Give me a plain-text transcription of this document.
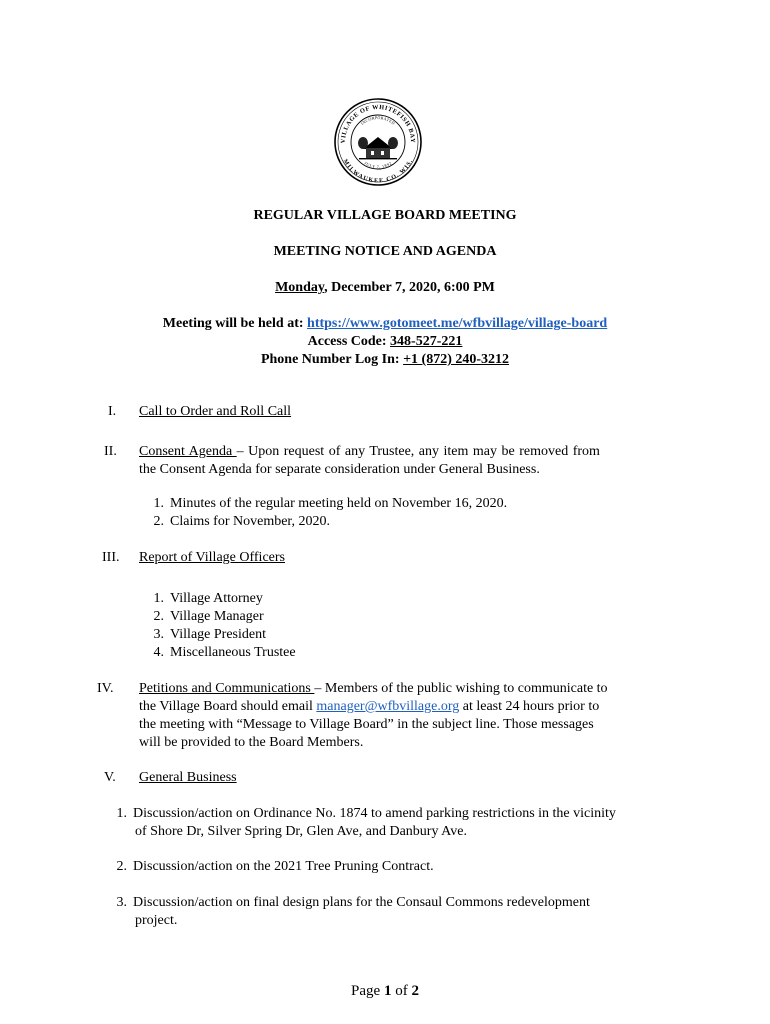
VILLAGE OF WHITEFISH BAY
MILWAUKEE CO. WIS.
INCORPORATED
JULY 7, 1892
REGULAR VILLAGE BOARD MEETING
MEETING NOTICE AND AGENDA
Monday, December 7, 2020, 6:00 PM
Meeting will be held at: https://www.gotomeet.me/wfbvillage/village-board
Access Code: 348-527-221
Phone Number Log In: +1 (872) 240-3212
I.	Call to Order and Roll Call
II.	Consent Agenda – Upon request of any Trustee, any item may be removed from
the Consent Agenda for separate consideration under General Business.
1. Minutes of the regular meeting held on November 16, 2020.
2. Claims for November, 2020.
III.	Report of Village Officers
1. Village Attorney
2. Village Manager
3. Village President
4. Miscellaneous Trustee
IV.	Petitions and Communications – Members of the public wishing to communicate to
the Village Board should email manager@wfbvillage.org at least 24 hours prior to
the meeting with “Message to Village Board” in the subject line. Those messages
will be provided to the Board Members.
V.	General Business
1. Discussion/action on Ordinance No. 1874 to amend parking restrictions in the vicinity
of Shore Dr, Silver Spring Dr, Glen Ave, and Danbury Ave.
2. Discussion/action on the 2021 Tree Pruning Contract.
3. Discussion/action on final design plans for the Consaul Commons redevelopment
project.
Page 1 of 2
